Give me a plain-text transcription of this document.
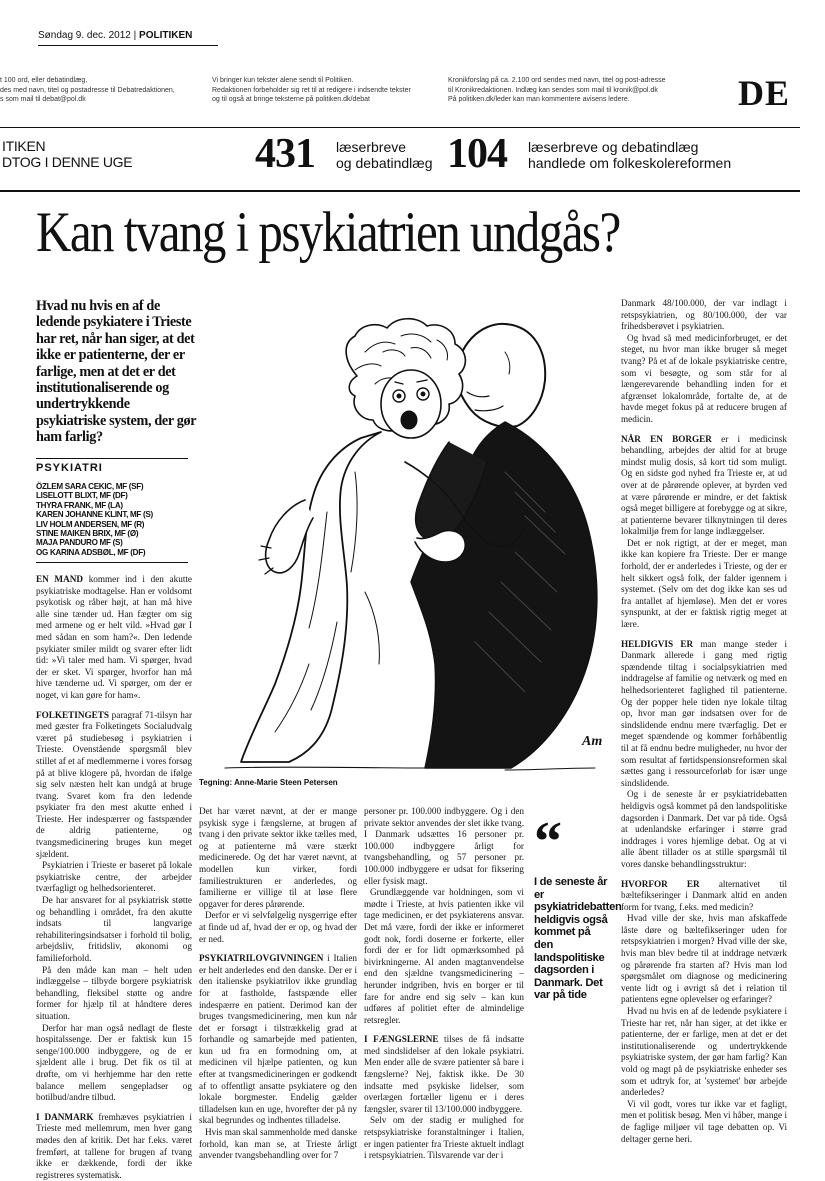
Søndag 9. dec. 2012 | POLITIKEN
t 100 ord, eller debatindlæg,
des med navn, titel og postadresse til Debatredaktionen,
s som mail til debat@pol.dk
Vi bringer kun tekster alene sendt til Politiken.
Redaktionen forbeholder sig ret til at redigere i indsendte tekster
og til også at bringe teksterne på politiken.dk/debat
Kronikforslag på ca. 2.100 ord sendes med navn, titel og post-adresse
til Kronikredaktionen. Indlæg kan sendes som mail til kronik@pol.dk
På politiken.dk/leder kan man kommentere avisens ledere.	DE
ITIKEN
DTOG I DENNE UGE	431 læserbreve
og debatindlæg 104 læserbreve og debatindlæg
handlede om folkeskolereformen
Kan tvang i psykiatrien undgås?
Hvad nu hvis en af de ledende psykiatere i Trieste har ret, når han siger, at det ikke er patienterne, der er farlige, men at det er det institutionaliserende og undertrykkende psykiatriske system, der gør ham farlig?
PSYKIATRI
ÖZLEM SARA CEKIC, MF (SF)
LISELOTT BLIXT, MF (DF)
THYRA FRANK, MF (LA)
KAREN JOHANNE KLINT, MF (S)
LIV HOLM ANDERSEN, MF (R)
STINE MAIKEN BRIX, MF (Ø)
MAJA PANDURO MF (S)
OG KARINA ADSBØL, MF (DF)

EN MAND kommer ind i den akutte psykiatriske modtagelse. Han er voldsomt psykotisk og råber højt, at han må hive alle sine tænder ud. Han fægter om sig med armene og er helt vild. »Hvad gør I med sådan en som ham?«. Den ledende psykiater smiler mildt og svarer efter lidt tid: »Vi taler med ham. Vi spørger, hvad der er sket. Vi spørger, hvorfor han må hive tænderne ud. Vi spørger, om der er noget, vi kan gøre for ham«.

FOLKETINGETS paragraf 71-tilsyn har med gæster fra Folketingets Socialudvalg været på studiebesøg i psykiatrien i Trieste. Ovenstående spørgsmål blev stillet af et af medlemmerne i vores forsøg på at blive klogere på, hvordan de ifølge sig selv næsten helt kan undgå at bruge tvang. Svaret kom fra den ledende psykiater fra den mest akutte enhed i Trieste. Her indespærrer og fastspænder de aldrig patienterne, og tvangsmedicinering bruges kun meget sjældent.

Psykiatrien i Trieste er baseret på lokale psykiatriske centre, der arbejder tværfagligt og helhedsorienteret.

De har ansvaret for al psykiatrisk støtte og behandling i området, fra den akutte indsats til langvarige rehabiliteringsindsatser i forhold til bolig, arbejdsliv, fritidsliv, økonomi og familieforhold.

På den måde kan man – helt uden indlæggelse – tilbyde borgere psykiatrisk behandling, fleksibel støtte og andre former for hjælp til at håndtere deres situation.

Derfor har man også nedlagt de fleste hospitalssenge. Der er faktisk kun 15 senge/100.000 indbyggere, og de er sjældent alle i brug. Det fik os til at drøfte, om vi herhjemme har den rette balance mellem sengepladser og botilbud/andre tilbud.

I DANMARK fremhæves psykiatrien i Trieste med mellemrum, men hver gang mødes den af kritik. Det har f.eks. været fremført, at tallene for brugen af tvang ikke er dækkende, fordi der ikke registreres systematisk.

Am
Tegning: Anne-Marie Steen Petersen

Det har været nævnt, at der er mange psykisk syge i fængslerne, at brugen af tvang i den private sektor ikke tælles med, og at patienterne må være stærkt medicinerede. Og det har været nævnt, at modellen kun virker, fordi familiestrukturen er anderledes, og familierne er villige til at løse flere opgaver for deres pårørende.

Derfor er vi selvfølgelig nysgerrige efter at finde ud af, hvad der er op, og hvad der er ned.

PSYKIATRILOVGIVNINGEN i Italien er helt anderledes end den danske. Der er i den italienske psykiatrilov ikke grundlag for at fastholde, fastspænde eller indespærre en patient. Derimod kan der bruges tvangsmedicinering, men kun når det er forsøgt i tilstrækkelig grad at forhandle og samarbejde med patienten, kun ud fra en formodning om, at medicinen vil hjælpe patienten, og kun efter at tvangsmedicineringen er godkendt af to offentligt ansatte psykiatere og den lokale borgmester. Endelig gælder tilladelsen kun en uge, hvorefter der på ny skal begrundes og indhentes tilladelse.

Hvis man skal sammenholde med danske forhold, kan man se, at Trieste årligt anvender tvangsbehandling over for 7

personer pr. 100.000 indbyggere. Og i den private sektor anvendes der slet ikke tvang. I Danmark udsættes 16 personer pr. 100.000 indbyggere årligt for tvangsbehandling, og 57 personer pr. 100.000 indbyggere er udsat for fiksering eller fysisk magt.

Grundlæggende var holdningen, som vi mødte i Trieste, at hvis patienten ikke vil tage medicinen, er det psykiaterens ansvar. Det må være, fordi der ikke er informeret godt nok, fordi doserne er forkerte, eller fordi der er for lidt opmærksomhed på bivirkningerne. Al anden magtanvendelse end den sjældne tvangsmedicinering – herunder indgriben, hvis en borger er til fare for andre end sig selv – kan kun udføres af politiet efter de almindelige retsregler.

I FÆNGSLERNE tilses de få indsatte med sindslidelser af den lokale psykiatri. Men ender alle de svære patienter så bare i fængslerne? Nej, faktisk ikke. De 30 indsatte med psykiske lidelser, som overlægen fortæller ligenu er i deres fængsler, svarer til 13/100.000 indbyggere.

Selv om der stadig er mulighed for retspsykiatriske foranstaltninger i Italien, er ingen patienter fra Trieste aktuelt indlagt i retspsykiatrien. Tilsvarende var der i

“
I de seneste år er psykiatridebatten heldigvis også kommet på den landspolitiske dagsorden i Danmark. Det var på tide

Danmark 48/100.000, der var indlagt i retspsykiatrien, og 80/100.000, der var frihedsberøvet i psykiatrien.

Og hvad så med medicinforbruget, er det steget, nu hvor man ikke bruger så meget tvang? På et af de lokale psykiatriske centre, som vi besøgte, og som står for al længerevarende behandling inden for et afgrænset lokalområde, fortalte de, at de havde meget fokus på at reducere brugen af medicin.

NÅR EN BORGER er i medicinsk behandling, arbejdes der altid for at bruge mindst mulig dosis, så kort tid som muligt. Og en sidste god nyhed fra Trieste er, at ud over at de pårørende oplever, at byrden ved at være pårørende er mindre, er det faktisk også meget billigere at forebygge og at sikre, at patienterne bevarer tilknytningen til deres lokalmiljø frem for lange indlæggelser.

Det er nok rigtigt, at der er meget, man ikke kan kopiere fra Trieste. Der er mange forhold, der er anderledes i Trieste, og der er helt sikkert også folk, der falder igennem i systemet. (Selv om det dog ikke kan ses ud fra antallet af hjemløse). Men det er vores synspunkt, at der er faktisk rigtig meget at lære.

HELDIGVIS ER man mange steder i Danmark allerede i gang med rigtig spændende tiltag i socialpsykiatrien med inddragelse af familie og netværk og med en helhedsorienteret faglighed til patienterne. Og der popper hele tiden nye lokale tiltag op, hvor man gør indsatsen over for de sindslidende endnu mere tværfaglig. Det er meget spændende og kommer forhåbentlig til at få endnu bedre muligheder, nu hvor der som resultat af førtidspensionsreformen skal sættes gang i ressourceforløb for især unge sindslidende.

Og i de seneste år er psykiatridebatten heldigvis også kommet på den landspolitiske dagsorden i Danmark. Det var på tide. Også at udenlandske erfaringer i større grad inddrages i vores hjemlige debat. Og at vi alle åbent tillader os at stille spørgsmål til vores danske behandlingsstruktur:

HVORFOR ER alternativet til bæltefikseringer i Danmark altid en anden form for tvang, f.eks. med medicin?

Hvad ville der ske, hvis man afskaffede låste døre og bæltefikseringer uden for retspsykiatrien i morgen? Hvad ville der ske, hvis man blev bedre til at inddrage netværk og pårørende fra starten af? Hvis man lod spørgsmålet om diagnose og medicinering vente lidt og i øvrigt så det i relation til patientens egne oplevelser og erfaringer?

Hvad nu hvis en af de ledende psykiatere i Trieste har ret, når han siger, at det ikke er patienterne, der er farlige, men at det er det institutionaliserende og undertrykkende psykiatriske system, der gør ham farlig? Kan vold og magt på de psykiatriske enheder ses som et udtryk for, at 'systemet' bør arbejde anderledes?

Vi vil godt, vores tur ikke var et fagligt, men et politisk besøg. Men vi håber, mange i de faglige miljøer vil tage debatten op. Vi deltager gerne heri.
